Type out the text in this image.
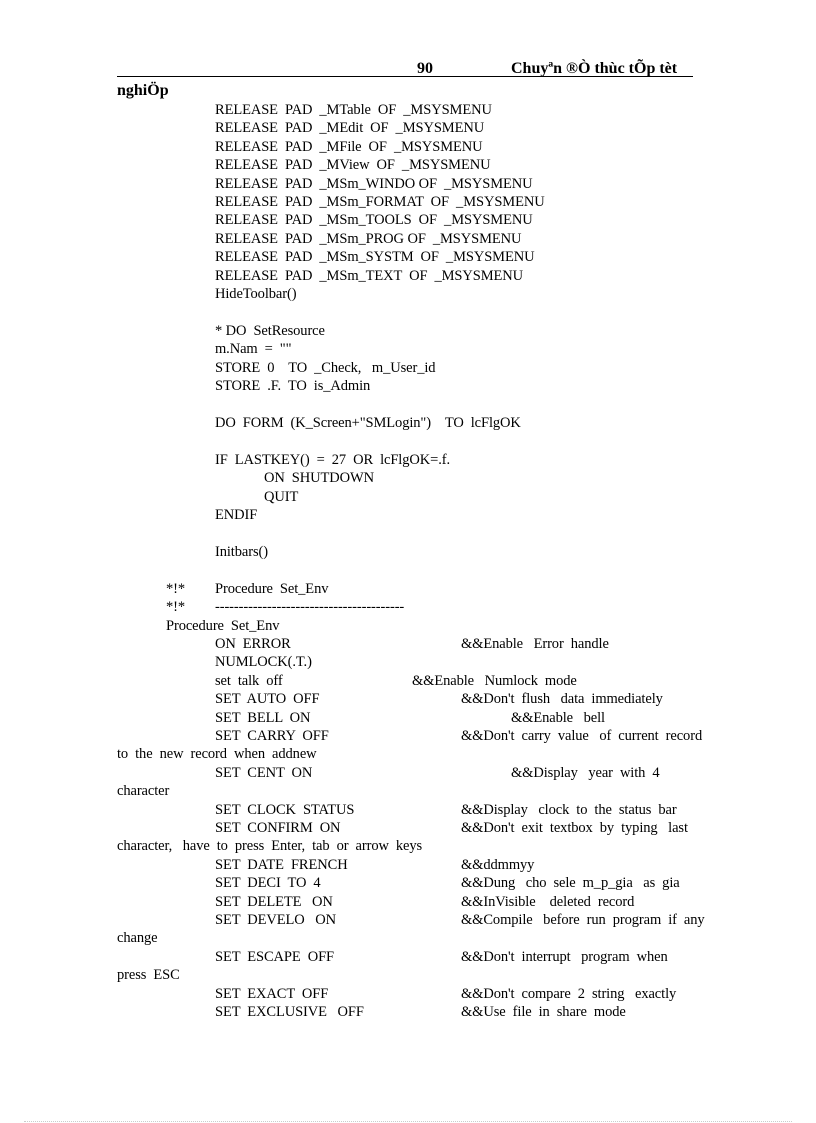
90	Chuyªn ®Ò thùc tÕp tèt
nghiÖp
RELEASE  PAD  _MTable  OF  _MSYSMENU
RELEASE  PAD  _MEdit  OF  _MSYSMENU
RELEASE  PAD  _MFile  OF  _MSYSMENU
RELEASE  PAD  _MView  OF  _MSYSMENU
RELEASE  PAD  _MSm_WINDO OF  _MSYSMENU
RELEASE  PAD  _MSm_FORMAT  OF  _MSYSMENU
RELEASE  PAD  _MSm_TOOLS  OF  _MSYSMENU
RELEASE  PAD  _MSm_PROG OF  _MSYSMENU
RELEASE  PAD  _MSm_SYSTM  OF  _MSYSMENU
RELEASE  PAD  _MSm_TEXT  OF  _MSYSMENU
HideToolbar()
* DO  SetResource
m.Nam  =  ""
STORE  0    TO  _Check,   m_User_id
STORE  .F.  TO  is_Admin
DO  FORM  (K_Screen+"SMLogin")    TO  lcFlgOK
IF  LASTKEY()  =  27  OR  lcFlgOK=.f.
ON  SHUTDOWN
QUIT
ENDIF
Initbars()
*!* Procedure  Set_Env
*!* ----------------------------------------
Procedure  Set_Env
ON  ERROR	&&Enable   Error  handle
NUMLOCK(.T.)
set  talk  off	&&Enable   Numlock  mode
SET  AUTO  OFF	&&Don't  flush   data  immediately
SET  BELL  ON	&&Enable   bell
SET  CARRY  OFF	&&Don't  carry  value   of  current  record
to  the  new  record  when  addnew
SET  CENT  ON	&&Display   year  with  4
character
SET  CLOCK  STATUS	&&Display   clock  to  the  status  bar
SET  CONFIRM  ON	&&Don't  exit  textbox  by  typing   last
character,   have  to  press  Enter,  tab  or  arrow  keys
SET  DATE  FRENCH	&&ddmmyy
SET  DECI  TO  4	&&Dung   cho  sele  m_p_gia   as  gia
SET  DELETE   ON	&&InVisible    deleted  record
SET  DEVELO   ON	&&Compile   before  run  program  if  any
change
SET  ESCAPE  OFF	&&Don't  interrupt   program  when
press  ESC
SET  EXACT  OFF	&&Don't  compare  2  string   exactly
SET  EXCLUSIVE   OFF	&&Use  file  in  share  mode
